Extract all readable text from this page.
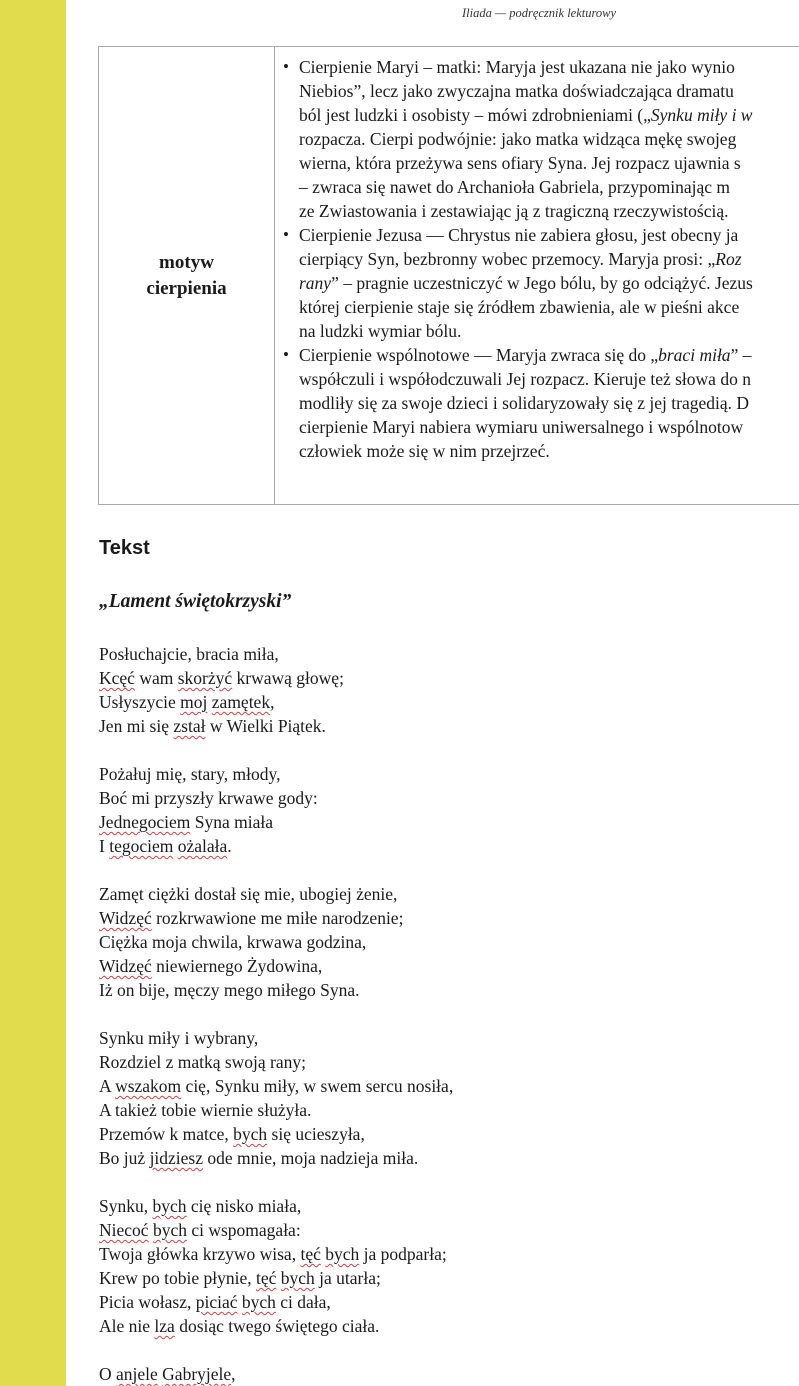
Iliada — podręcznik lekturowy
motyw
cierpienia
• Cierpienie Maryi – matki: Maryja jest ukazana nie jako wynio
Niebios”, lecz jako zwyczajna matka doświadczająca dramatu
ból jest ludzki i osobisty – mówi zdrobnieniami („Synku miły i w
rozpacza. Cierpi podwójnie: jako matka widząca mękę swojeg
wierna, która przeżywa sens ofiary Syna. Jej rozpacz ujawnia s
– zwraca się nawet do Archanioła Gabriela, przypominając m
ze Zwiastowania i zestawiając ją z tragiczną rzeczywistością.
• Cierpienie Jezusa — Chrystus nie zabiera głosu, jest obecny ja
cierpiący Syn, bezbronny wobec przemocy. Maryja prosi: „Roz
rany” – pragnie uczestniczyć w Jego bólu, by go odciążyć. Jezus
której cierpienie staje się źródłem zbawienia, ale w pieśni akce
na ludzki wymiar bólu.
• Cierpienie wspólnotowe — Maryja zwraca się do „braci miła” –
współczuli i współodczuwali Jej rozpacz. Kieruje też słowa do n
modliły się za swoje dzieci i solidaryzowały się z jej tragedią. D
cierpienie Maryi nabiera wymiaru uniwersalnego i wspólnotow
człowiek może się w nim przejrzeć.
Tekst
„Lament świętokrzyski”
Posłuchajcie, bracia miła,
Kcęć wam skorżyć krwawą głowę;
Usłyszycie moj zamętek,
Jen mi się zstał w Wielki Piątek.
Pożałuj mię, stary, młody,
Boć mi przyszły krwawe gody:
Jednegociem Syna miała
I tegociem ożalała.
Zamęt ciężki dostał się mie, ubogiej żenie,
Widzęć rozkrwawione me miłe narodzenie;
Ciężka moja chwila, krwawa godzina,
Widzęć niewiernego Żydowina,
Iż on bije, męczy mego miłego Syna.
Synku miły i wybrany,
Rozdziel z matką swoją rany;
A wszakom cię, Synku miły, w swem sercu nosiła,
A takież tobie wiernie służyła.
Przemów k matce, bych się ucieszyła,
Bo już jidziesz ode mnie, moja nadzieja miła.
Synku, bych cię nisko miała,
Niecoć bych ci wspomagała:
Twoja główka krzywo wisa, tęć bych ja podparła;
Krew po tobie płynie, tęć bych ja utarła;
Picia wołasz, piciać bych ci dała,
Ale nie lza dosiąc twego świętego ciała.
O anjele Gabryjele,
